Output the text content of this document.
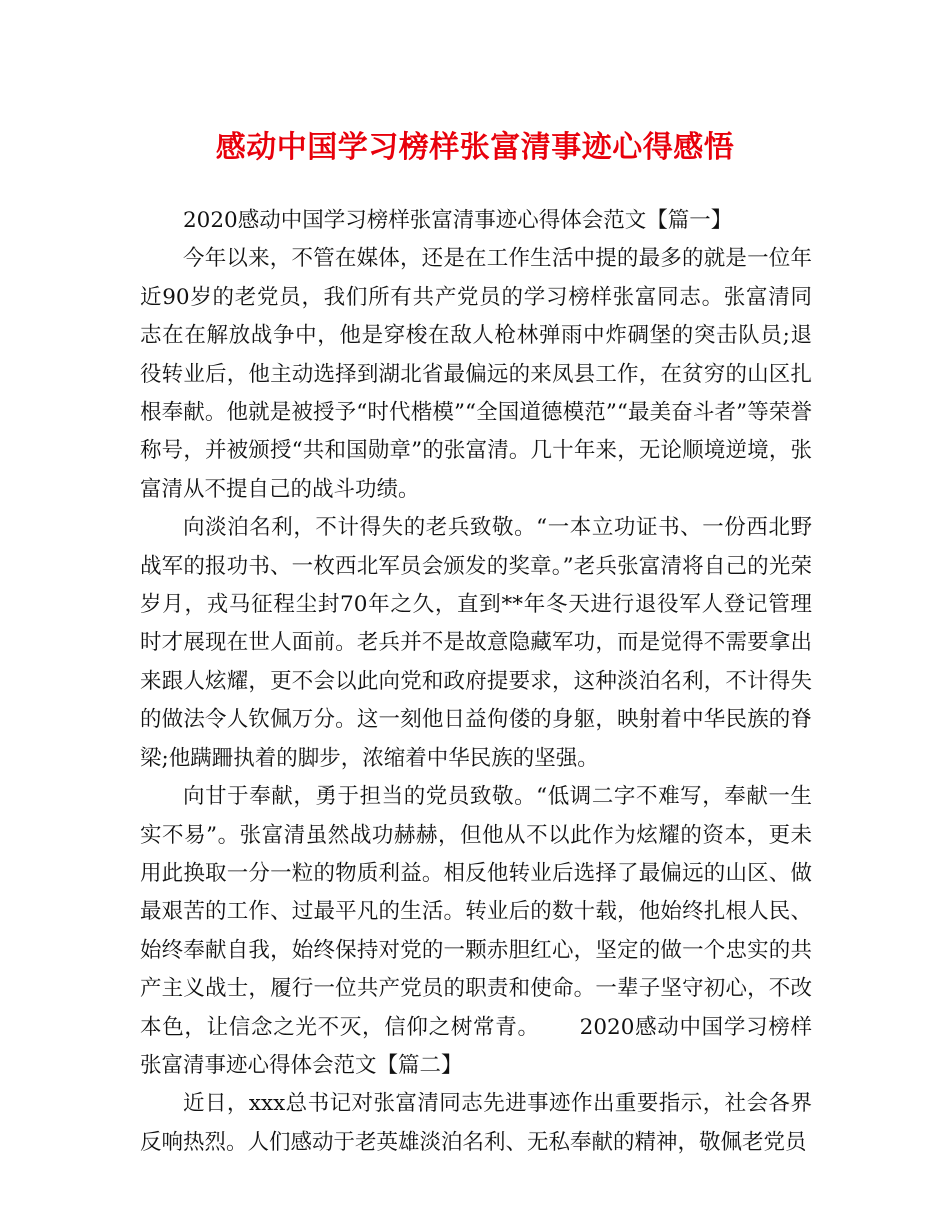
感动中国学习榜样张富清事迹心得感悟

2020感动中国学习榜样张富清事迹心得体会范文【篇一】

今年以来，不管在媒体，还是在工作生活中提的最多的就是一位年近90岁的老党员，我们所有共产党员的学习榜样张富同志。张富清同志在在解放战争中，他是穿梭在敌人枪林弹雨中炸碉堡的突击队员;退役转业后，他主动选择到湖北省最偏远的来凤县工作，在贫穷的山区扎根奉献。他就是被授予“时代楷模”“全国道德模范”“最美奋斗者”等荣誉称号，并被颁授“共和国勋章”的张富清。几十年来，无论顺境逆境，张富清从不提自己的战斗功绩。

向淡泊名利，不计得失的老兵致敬。“一本立功证书、一份西北野战军的报功书、一枚西北军员会颁发的奖章。”老兵张富清将自己的光荣岁月，戎马征程尘封70年之久，直到**年冬天进行退役军人登记管理时才展现在世人面前。老兵并不是故意隐藏军功，而是觉得不需要拿出来跟人炫耀，更不会以此向党和政府提要求，这种淡泊名利，不计得失的做法令人钦佩万分。这一刻他日益佝偻的身躯，映射着中华民族的脊梁;他蹒跚执着的脚步，浓缩着中华民族的坚强。

向甘于奉献，勇于担当的党员致敬。“低调二字不难写，奉献一生实不易”。张富清虽然战功赫赫，但他从不以此作为炫耀的资本，更未用此换取一分一粒的物质利益。相反他转业后选择了最偏远的山区、做最艰苦的工作、过最平凡的生活。转业后的数十载，他始终扎根人民、始终奉献自我，始终保持对党的一颗赤胆红心，坚定的做一个忠实的共产主义战士，履行一位共产党员的职责和使命。一辈子坚守初心，不改本色，让信念之光不灭，信仰之树常青。 2020感动中国学习榜样张富清事迹心得体会范文【篇二】

近日，xxx总书记对张富清同志先进事迹作出重要指示，社会各界反响热烈。人们感动于老英雄淡泊名利、无私奉献的精神，敬佩老党员
